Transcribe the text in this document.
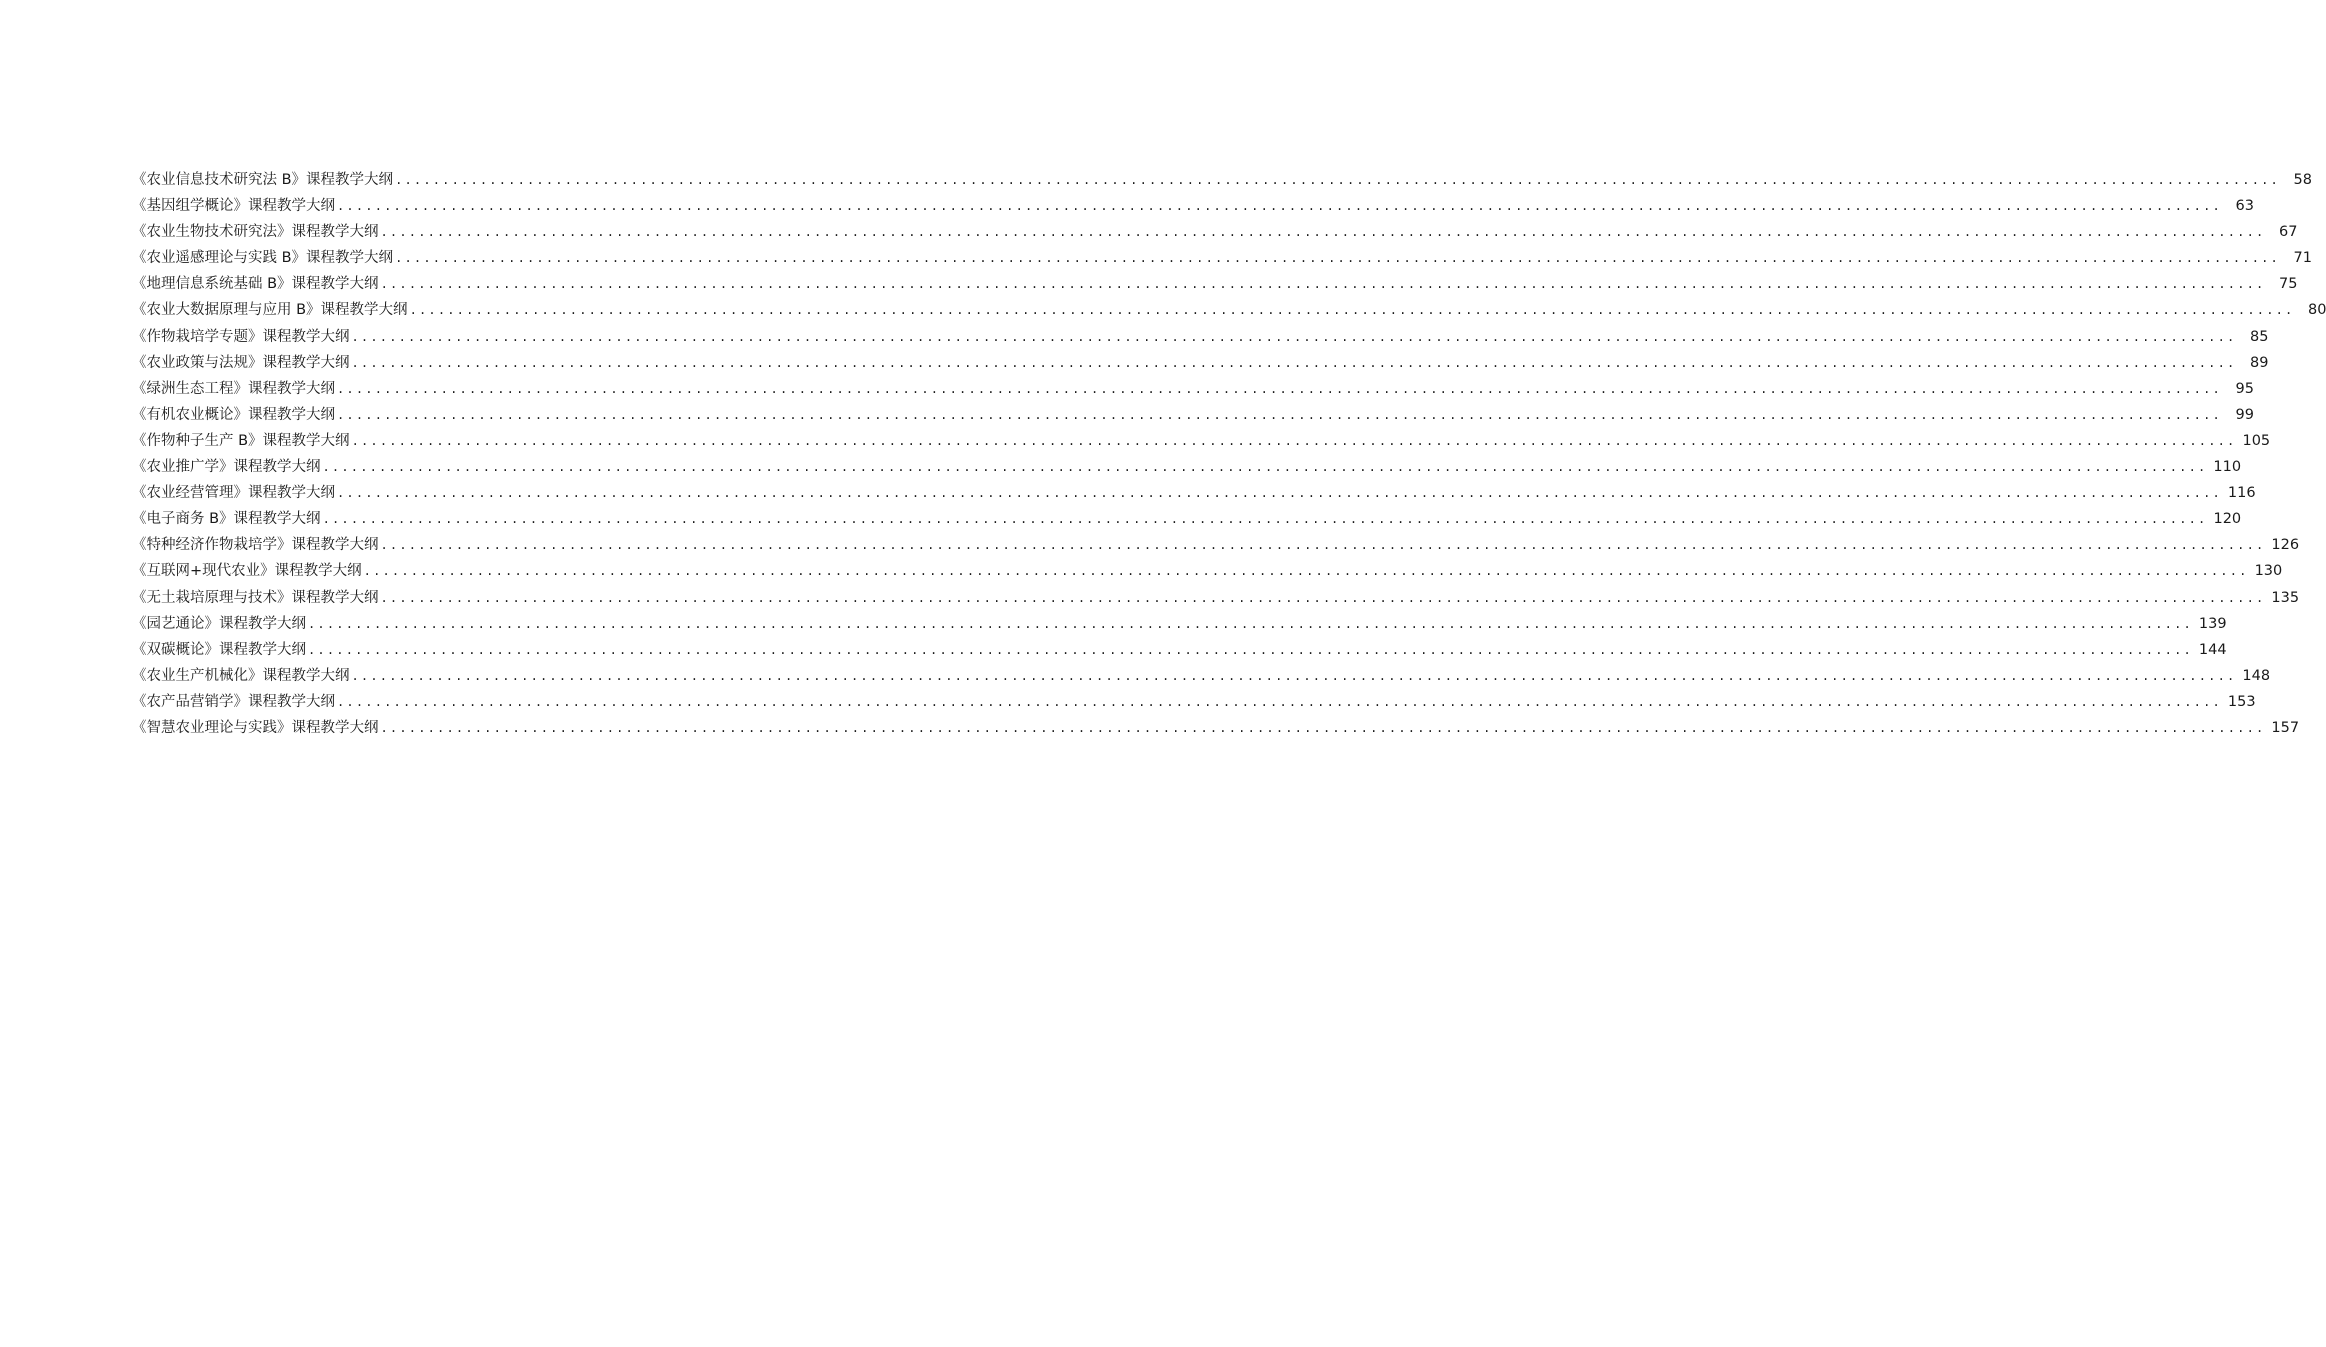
《农业信息技术研究法 B》课程教学大纲 ........................................................................................................................................................................................................ 58
《基因组学概论》课程教学大纲 ........................................................................................................................................................................................................ 63
《农业生物技术研究法》课程教学大纲 ........................................................................................................................................................................................................ 67
《农业遥感理论与实践 B》课程教学大纲 ........................................................................................................................................................................................................ 71
《地理信息系统基础 B》课程教学大纲 ........................................................................................................................................................................................................ 75
《农业大数据原理与应用 B》课程教学大纲 ........................................................................................................................................................................................................ 80
《作物栽培学专题》课程教学大纲 ........................................................................................................................................................................................................ 85
《农业政策与法规》课程教学大纲 ........................................................................................................................................................................................................ 89
《绿洲生态工程》课程教学大纲 ........................................................................................................................................................................................................ 95
《有机农业概论》课程教学大纲 ........................................................................................................................................................................................................ 99
《作物种子生产 B》课程教学大纲 ........................................................................................................................................................................................................ 105
《农业推广学》课程教学大纲 ........................................................................................................................................................................................................ 110
《农业经营管理》课程教学大纲 ........................................................................................................................................................................................................ 116
《电子商务 B》课程教学大纲 ........................................................................................................................................................................................................ 120
《特种经济作物栽培学》课程教学大纲 ........................................................................................................................................................................................................ 126
《互联网+现代农业》课程教学大纲 ........................................................................................................................................................................................................ 130
《无土栽培原理与技术》课程教学大纲 ........................................................................................................................................................................................................ 135
《园艺通论》课程教学大纲 ........................................................................................................................................................................................................ 139
《双碳概论》课程教学大纲 ........................................................................................................................................................................................................ 144
《农业生产机械化》课程教学大纲 ........................................................................................................................................................................................................ 148
《农产品营销学》课程教学大纲 ........................................................................................................................................................................................................ 153
《智慧农业理论与实践》课程教学大纲 ........................................................................................................................................................................................................ 157
